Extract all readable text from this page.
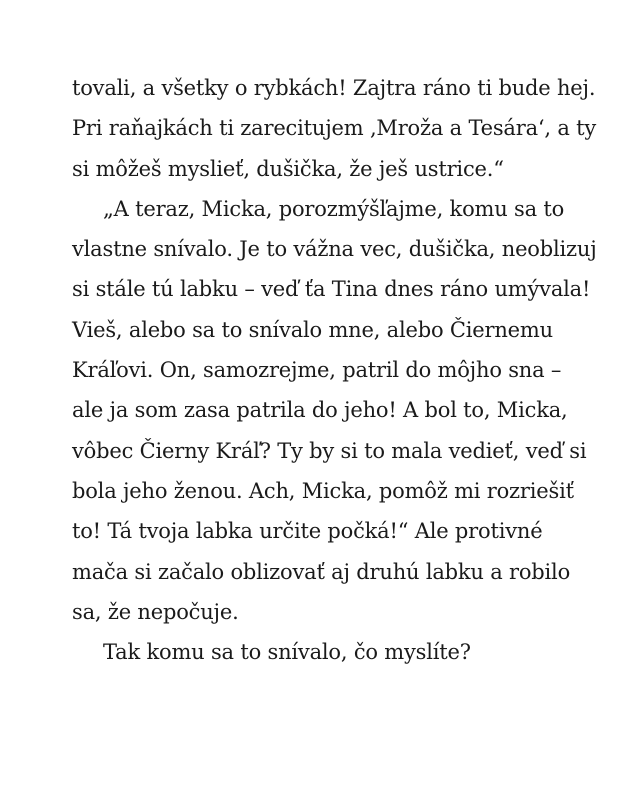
tovali, a všetky o rybkách! Zajtra ráno ti bude hej.
Pri raňajkách ti zarecitujem ‚Mroža a Tesára‘, a ty
si môžeš myslieť, dušička, že ješ ustrice.“
„A teraz, Micka, porozmýšľajme, komu sa to
vlastne snívalo. Je to vážna vec, dušička, neoblizuj
si stále tú labku – veď ťa Tina dnes ráno umývala!
Vieš, alebo sa to snívalo mne, alebo Čiernemu
Kráľovi. On, samozrejme, patril do môjho sna –
ale ja som zasa patrila do jeho! A bol to, Micka,
vôbec Čierny Kráľ? Ty by si to mala vedieť, veď si
bola jeho ženou. Ach, Micka, pomôž mi rozriešiť
to! Tá tvoja labka určite počká!“ Ale protivné
mača si začalo oblizovať aj druhú labku a robilo
sa, že nepočuje.
Tak komu sa to snívalo, čo myslíte?
